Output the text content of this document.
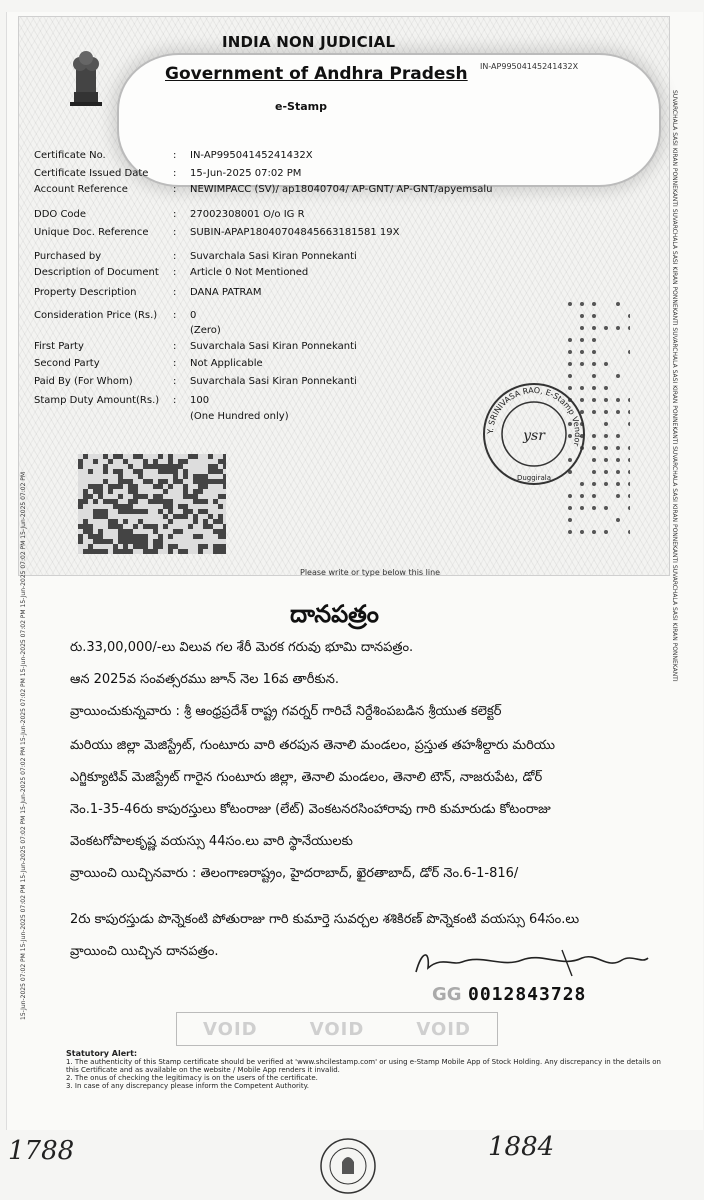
INDIA NON JUDICIAL
Government of Andhra Pradesh
e-Stamp
IN-AP99504145241432X
15-Jun-2025 07:02 PM 15-Jun-2025 07:02 PM 15-Jun-2025 07:02 PM 15-Jun-2025 07:02 PM 15-Jun-2025 07:02 PM 15-Jun-2025 07:02 PM 15-Jun-2025 07:02 PM 15-Jun-2025 07:02 PM
SUVARCHALA SASI KIRAN PONNEKANTI SUVARCHALA SASI KIRAN PONNEKANTI SUVARCHALA SASI KIRAN PONNEKANTI SUVARCHALA SASI KIRAN PONNEKANTI SUVARCHALA SASI KIRAN PONNEKANTI
Certificate No.	: IN-AP99504145241432X
Certificate Issued Date : 15-Jun-2025 07:02 PM
Account Reference	: NEWIMPACC (SV)/ ap18040704/ AP-GNT/ AP-GNT/apyemsalu
DDO Code	: 27002308001 O/o IG R
Unique Doc. Reference : SUBIN-APAP18040704845663181581 19X
Purchased by	: Suvarchala Sasi Kiran Ponnekanti
Description of Document : Article 0 Not Mentioned
Property Description	: DANA PATRAM
Consideration Price (Rs.) : 0
(Zero)
First Party	: Suvarchala Sasi Kiran Ponnekanti
Second Party	: Not Applicable
Paid By (For Whom)	: Suvarchala Sasi Kiran Ponnekanti
Stamp Duty Amount(Rs.) : 100
(One Hundred only)
Y. SRINIVASA RAO, E-Stamp Vendor
ysr
Duggirala
Please write or type below this line
దానపత్రం
రు.33,00,000/-లు విలువ గల శేరీ మెరక గరువు భూమి దానపత్రం.
ఆన 2025వ సంవత్సరము జూన్ నెల 16వ తారీకున.
వ్రాయించుకున్నవారు : శ్రీ ఆంధ్రప్రదేశ్ రాష్ట్ర గవర్నర్ గారిచే నిర్దేశింపబడిన శ్రీయుత కలెక్టర్
మరియు జిల్లా మెజిస్ట్రేట్, గుంటూరు వారి తరపున తెనాలి మండలం, ప్రస్తుత తహశీల్దారు మరియు
ఎగ్జిక్యూటివ్ మెజిస్ట్రేట్ గారైన గుంటూరు జిల్లా, తెనాలి మండలం, తెనాలి టౌన్, నాజరుపేట, డోర్
నెం.1-35-46రు కాపురస్తులు కోటంరాజు (లేట్) వెంకటనరసింహారావు గారి కుమారుడు కోటంరాజు
వెంకటగోపాలకృష్ణ వయస్సు 44సం.లు వారి స్థానేయులకు
వ్రాయించి యిచ్చినవారు : తెలంగాణరాష్ట్రం, హైదరాబాద్, ఖైరతాబాద్, డోర్ నెం.6-1-816/
2రు కాపురస్తుడు పొన్నెకంటి పోతురాజు గారి కుమార్తె సువర్చల శశికిరణ్ పొన్నెకంటి వయస్సు 64సం.లు
వ్రాయించి యిచ్చిన దానపత్రం.
GG 0012843728
VOID	VOID	VOID
Statutory Alert:
1. The authenticity of this Stamp certificate should be verified at 'www.shcilestamp.com' or using e-Stamp Mobile App of Stock Holding. Any discrepancy in the details on this Certificate and as available on the website / Mobile App renders it invalid.
2. The onus of checking the legitimacy is on the users of the certificate.
3. In case of any discrepancy please inform the Competent Authority.
1788	1884
